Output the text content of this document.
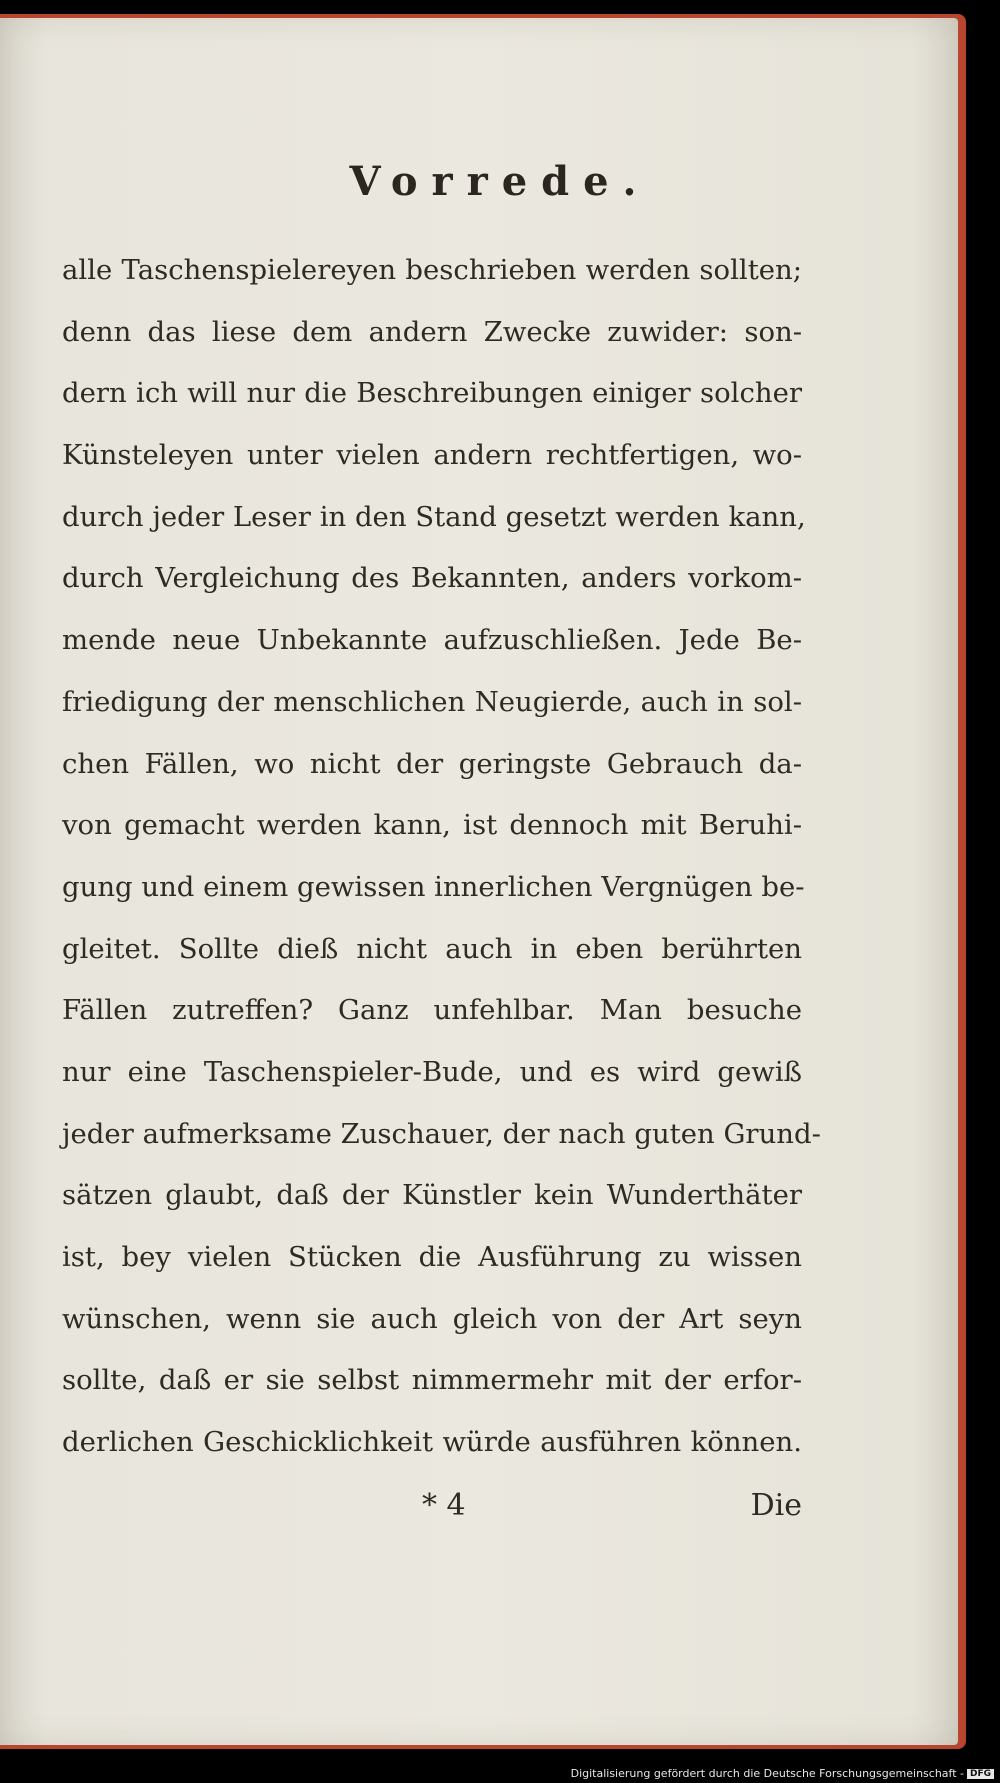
Vorrede.
alle Taschenspielereyen beschrieben werden sollten;
denn das liese dem andern Zwecke zuwider: son-
dern ich will nur die Beschreibungen einiger solcher
Künsteleyen unter vielen andern rechtfertigen, wo-
durch jeder Leser in den Stand gesetzt werden kann,
durch Vergleichung des Bekannten, anders vorkom-
mende neue Unbekannte aufzuschließen. Jede Be-
friedigung der menschlichen Neugierde, auch in sol-
chen Fällen, wo nicht der geringste Gebrauch da-
von gemacht werden kann, ist dennoch mit Beruhi-
gung und einem gewissen innerlichen Vergnügen be-
gleitet. Sollte dieß nicht auch in eben berührten
Fällen zutreffen? Ganz unfehlbar. Man besuche
nur eine Taschenspieler-Bude, und es wird gewiß
jeder aufmerksame Zuschauer, der nach guten Grund-
sätzen glaubt, daß der Künstler kein Wunderthäter
ist, bey vielen Stücken die Ausführung zu wissen
wünschen, wenn sie auch gleich von der Art seyn
sollte, daß er sie selbst nimmermehr mit der erfor-
derlichen Geschicklichkeit würde ausführen können.
* 4	Die
Digitalisierung gefördert durch die Deutsche Forschungsgemeinschaft - DFG
